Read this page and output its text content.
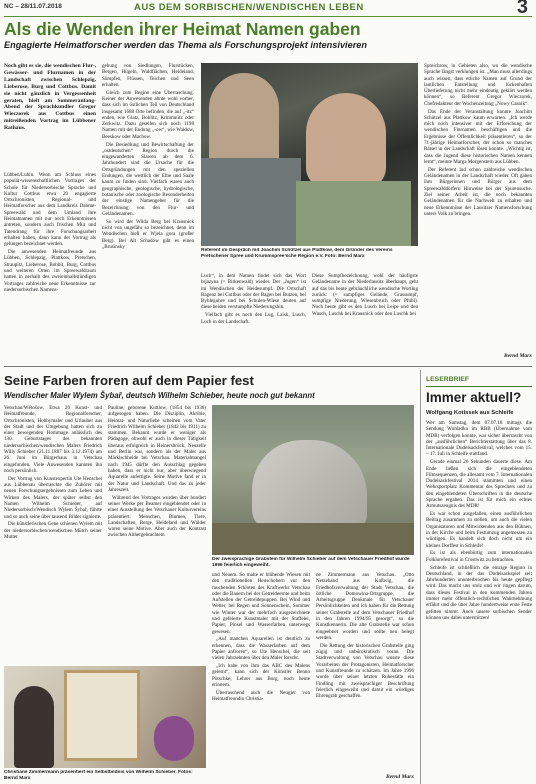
NC – 28/11.07.2018	AUS DEM SORBISCHEN/WENDISCHEN LEBEN	3
Als die Wenden ihrer Heimat Namen gaben
Engagierte Heimatforscher werden das Thema als Forschungsprojekt intensivieren
Noch gibt es sie, die wendischen Flur-, Gewässer- und Flurnamen in der Landschaft zwischen Schlepzig, Lieberose, Burg und Cottbus. Damit sie nicht gänzlich in Vergessenheit geraten, hielt am Sommeranfang-Abend der Sprachkundler Gregor Wieczorek aus Cottbus einen mitreißenden Vortrag im Lübbener Rathaus.

Lübben/Lubin. Wenn am Schluss eines populär-wissenschaftlichen Vortrages der Schule für Niedersorbische Sprache und Kultur Cottbus etwa 20 engagierte Ortschronisten, Regional- und Heimatforscher aus dem Landkreis Dahme-Spreewald und dem Umland ihre Heimatnamen mit nur noch Erkenntnissen antreten, sondern auch frischen Mut und Tatendrang für ihre Forschungsarbeit erhalten haben, dann kann der Vortrag als gelungen bezeichnet werden.

Die anwesenden Heimatfreunde aus Lübben, Schlepzig, Plattkow, Pretschen, Straupitz, Lieberose, Bobbit, Burg, Cottbus und weiteren Orten im Spreewaldraum hatten in nerhalb des zweieinhalbstündigen Vortrages zahlreiche neue Erkenntnisse zur niedersorbischen Namens-

gebung von Siedlungen, Flurstücken, Bergen, Hügeln, Waldflächen, Heideland, Sümpfen, Flüssen, Teichen und Seen erhalten.

Gleich zum Beginn eine Überraschung. Keiner der Anwesenden ahnte wohl vorher, dass sich im östlichen Teil von Deutschland insgesamt 1688 Orte befinden, die auf „-itz“ enden, wie Glatz, Boblitz, Krimmnitz oder Zerkwitz. Dazu gesellen sich noch 1198 Namen mit der Endung „-ow“, wie Waldow, Beeskow oder Machow.

Die Besiedlung und Bewirtschaftung der „ostdeutschen“ Region durch die eingewanderten Slawen ab dem 6. Jahrhundert sind die Ursache für die Ortsgründungen mit den speziellen Endungen, die westlich der Elbe und Saale kaum zu finden sind. Vielfach waren auch geographische, geologische, hydrologische, botanische oder zoologische Besonderheiten der einstige Namengeber für die Bezeichnung von den Flur- und Geländenamen.

So wird der Wilda Berg bei Krausnick nicht von ungefähr so bezeichnet, denn im Wendischen hieß er Wjela gora (großer Berg). Bei Alt Schadow gibt es einen „Bruśinsky

Referent im Gespräch mit Joachim Schützel aus Plattkow, dem Gründer des Vereins Pretschener Spree und Krummspree’sche Region e.V. Foto: Bernd Marx

Luch“, in dem Namen findet sich das Wort brjazyna (= Birkenwald) wieder. Der „Jugen“ ist im Wendischen der Heidesumpf. Die Ortschaft Bagenz bei Cottbus oder der Bagen bei Butzen, bei Byhleguhre und bei Schulen-Wiese deuten auf diese beiden verstumpfte Niederungshin.

Vielfach gibt es noch den Lug, Laisk, Lusch, Luch in der Landschaft.

Diese Sumpfbezeichnung, wohl der häufigste Geländename in der Niederlausitz überhaupt, geht auf das bis heute gebräuchliche wendische Wortług zurück: (= sumpfiges Gelände, Grassumpf, sumpfige Niederung, Wiesenbruch oder Pfuhl). Noch heute gibt es den Lusch bei Leipe und den Wusch, Luschk bei Krausnick oder den Luschk bei

Spreichrow, in Gebieten also, wo die wendische Sprache längst verklungen ist. „Man muss allerdings auch wissen, dass etliche Namen auf Grund der lautlichen Entstellung und lückenhaften Überlieferung nicht mehr eindeutig geklärt werden können“, so Referent Gregor Wieczorek, Chefredakteur der Wochenzeitung „Nowy Casnik“.

Das Ende der Veranstaltung konnte Joachim Schützel aus Plattkow kaum erwarten. „Ich werde mich noch intensiver mit der Erforschung der wendischen Flurnamen beschäftigen und die Ergebnisse der Öffentlichkeit präsentieren“, so der 71-jährige Heimatforscher, der schon so manches Rätsel in der Landschaft lösen konnte. „Wichtig ist, dass die Jugend diese historischen Namen kennen lernt“, meinte Marga Morgenstern aus Lübben.

Der Referent lud schon zahlreiche wendischen Geländenamen in der Landschaft wieder. Oft gaben ihm Bürgerinnen und Bürger aus dem Spreewalddörfern Hinweise bei der Spurensuche. Ziel seiner Arbeit ist, die noch bekannten Geländenamen für die Nachwelt zu erhalten und neue Erkenntnisse der Lausitzer Namensforschung unters Volk zu bringen.

Bernd Marx
Seine Farben froren auf dem Papier fest
Wendischer Maler Wylem Šybař, deutsch Wilhelm Schieber, heute noch gut bekannt

Vetschau/Wětošow. Etwa 20 Kunst- und Heimatfreunde, Regionalforscher, Ortschronisten, Hobbymaler und Urlauber aus der Stadt und der Umgebung hatten sich zu einer bewegenden Hommage anlässlich des 130. Geburtstages des bekannten niedersorbischen/wendischen Malers Friedrich Willy Schieber (21.11.1887 bis 3.12.1974) am 26. Juni im Bürgerhaus in Vetschau eingefunden. Viele Anwesenden kannten ihn noch persönlich.

Der Vortrag von Kunstexpertin Ute Henschel aus Lübbenau überraschte die Zuhörer mit neuen Forschungsergebnissen zum Leben und Wirken des Malers, der später selbst den Namen Wilhelm Schieber, auf Niedersorbisch/Wendisch Wylem Šybař, führte und so auch seine über tausend Bilder signierte.

Die künstlerischen Gene schienen Wylem mit der niedersorbischen/wendischen Mütch seiner Mutter

Pauline, geborene Kuttlow, (1854 bis 1936) aufgesogen haben. Die Disziplin, Akribie, Heimat- und Naturliebe scheinen vom Vater Friedrich Wilhelm Schieber (1842 bis 1911) zu stammen. Bekannt wurde er weniger als Pädagoge, obwohl er auch in dieser Tätigkeit überaus erfolgreich in Heinersbrück, Neuzelle und Berlin war, sondern als der Maler aus Märkischheide bei Vetschau. Materialmangel nach 1945 dürfte den Ausschlag gegeben haben, dass er nicht nur, aber überwiegend Aquarelle anfertigte. Seine Motive fand er in der Natur und Landschaft. Und das zu jeder Jahreszeit.

Während des Vortrages wurden über hundert seiner Werke per Beamer eingeblendet oder in einer Ausstellung des Vetschauer Kulturvereins präsentiert. Menschen, Blumen, Tiere, Landschaften, Berge, Heideland und Wälder waren seine Motive. Aber auch der Kontrast zwischen Althergebrachtem

Der zweisprachige Grabstein für Wilhelm Schieber auf dem Vetschauer Friedhof wurde 1996 feierlich eingeweiht.

und Neuem. So malte er blühende Wiesen mit den traditionellen Heuschobern vor den rauchenden Schloten des Kraftwerks Vetschau oder die Bauern bei der Getreideernte und beim Aufstellen der Getreidepuppen. Bei Wind und Wetter, bei Regen und Sonnenschein, Sommer wie Winter war der mehrfach ausgezeichnete und gefeierte Kunstmaler mit der Staffelei, Papier, Pinsel und Wasserfarben unterwegs gewesen.

„Auf manchen Aquarellen ist deutlich zu erkennen, dass die Wasserfarben auf dem Papier anfroren“, so Ute Henschel, die seit vielen Jahrzehnten über den Maler forscht.

„Ich habe von ihm das ABC des Malens gelernt“, kann sich der Künstler Benno Pötschke, Lehrer aus Burg, noch heute erinnern.

Überraschend auch die Neugier von Heimatfreundin Christia-

ne Zimmermann aus Vetschau. „Otto Netzeband aus Koßwig, die Friedhofsverwaltung der Stadt Vetschau, die örtliche Domowina-Ortsgruppe, die Arbeitsgruppe Denkmale für Vetschauer Persönlichkeiten und ich haben für die Rettung seiner Grabstelle auf dem Vetschauer Friedhof in den Jahren 1994/95 gesorgt“, so die Kunstkennerin. Die alte Grabstelle war schon eingeebnet worden und sollte neu belegt werden.

Die Rettung der historischen Grabstelle ging zügig und unbürokratisch voran. Die Stadtverwaltung von Vetschau wusste diese Vorarbeiten der Protagonisten, Heimatforscher und Kunstfreunde zu schätzen. Im Jahre 1996 wurde über seiner letzten Ruhestätte ein Findling mit zweisprachiger Beschriftung feierlich eingeweiht und damit ein würdiges Ehrengrab geschaffen.

Bernd Marx
Christiane Zimmermann präsentiert ein Selbstbildnis von Wilhelm Schieber. Fotos: Bernd Marx
LESERBRIEF
Immer aktuell?
Wolfgang Kotissek aus Schleife

Wer am Samstag, dem 07.07.18 mittags die Sendung Wuhladko im RBB (Übernahme vom MDR) verfolgen konnte, war sicher überrascht von der „ausführlichen“ Berichterstattung über das 8. Internationale Dudelsackfestival, welches vom 15. – 17. Juli in Schleife stattfand.

Gerade einmal 26 Sekunden dauerte diese. Am Ende ließen sich die eingeblendeten Filmsequenzen, die allesamt vom 7. Internationalen Dudelsackfestival 2014 stammten und einen Wehrsportplatz Kommentar des Sprechers und zu den eingeblendeten Überschriften in die deutsche Sprache ergaben. Das ist für mich ein echtes Armutszeugnis des MDR!

Es war schon ausgefallen, einen ausführlichen Beitrag zusammen zu stellen, um auch die vielen Organisatoren und Mitwirkenden aus den Bühnen, in der Kirche und beim Festumzug angemessen zu würdigen. Es handelt sich doch nicht um ein kleines Dorffest in Schleife!

Es ist als ebenbürtig zum internationalen Folklorefestival in Crostwitz zu betrachten.

Schleife ist schließlich die einzige Region in Deutschland, in der das Dudelsackspiel seit Jahrhunderten ununterbrochen bis heute gepflegt wird. Das macht uns stolz und wir ringen darum, dass dieses Festival in den kommenden Jahren immer mehr öffentlich-rechtlichen Wahrnehmung erfährt und die über Jahre hundertweise erste Feste gelitten nimmt. Auch unsere sorbischen Sender können uns dabei unterstützen!
